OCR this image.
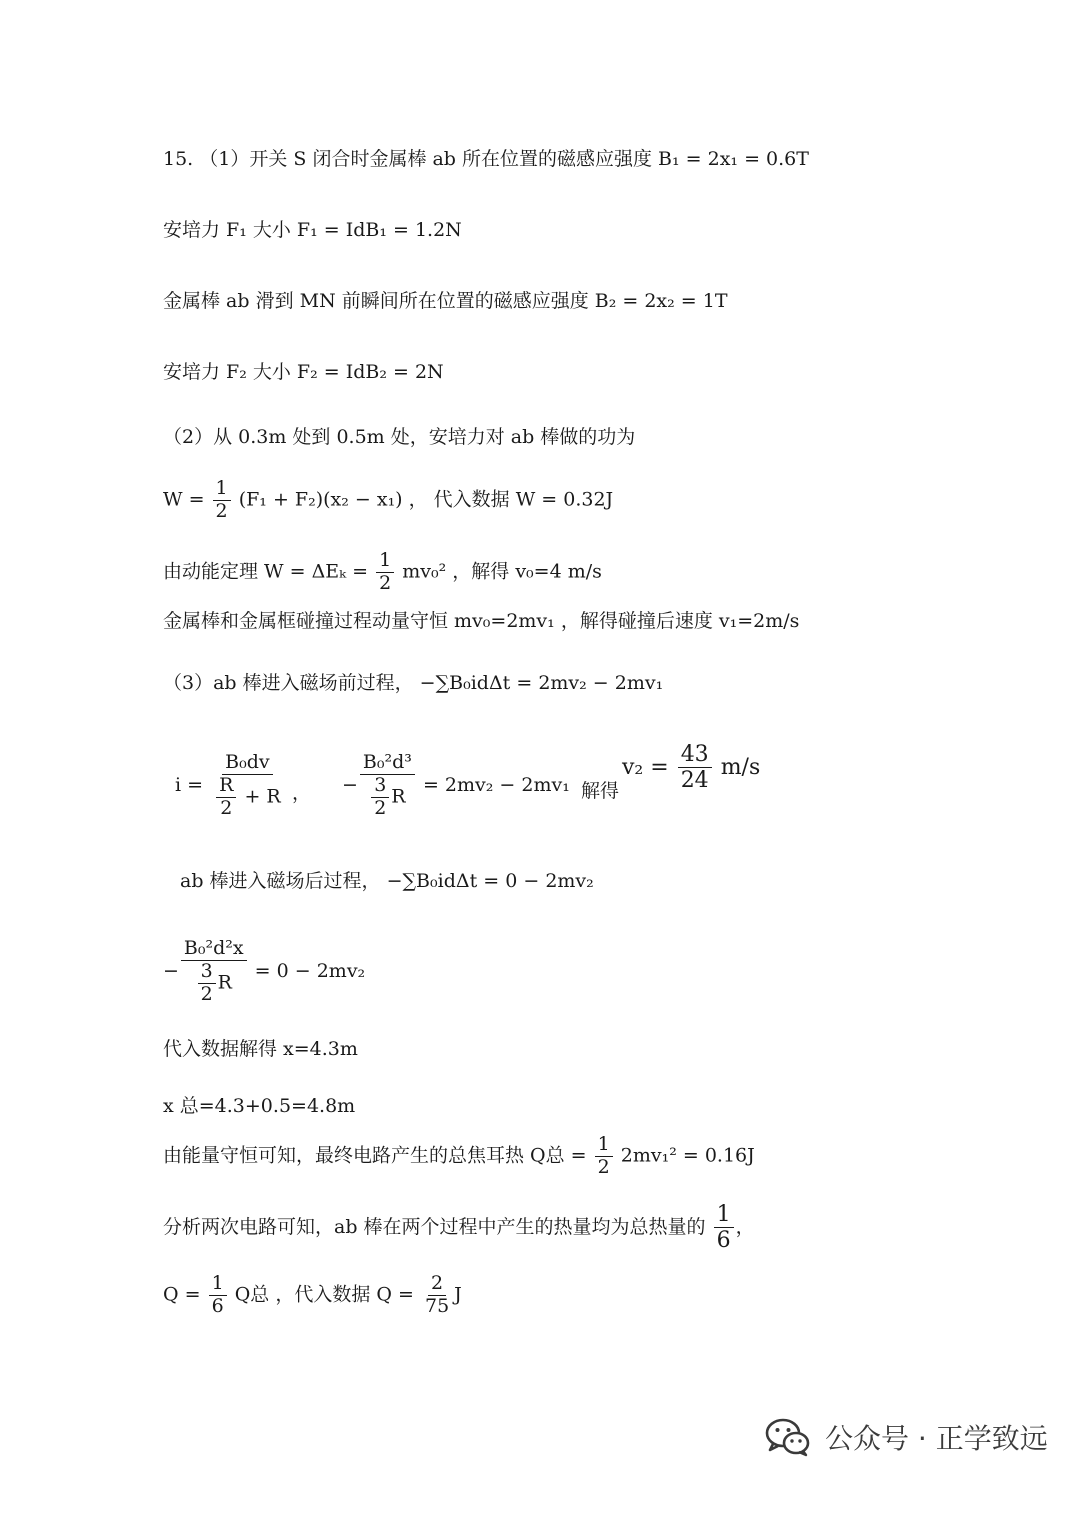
15. （1）开关 S 闭合时金属棒 ab 所在位置的磁感应强度 B₁ = 2x₁ = 0.6T
安培力 F₁ 大小 F₁ = IdB₁ = 1.2N
金属棒 ab 滑到 MN 前瞬间所在位置的磁感应强度 B₂ = 2x₂ = 1T
安培力 F₂ 大小 F₂ = IdB₂ = 2N
（2）从 0.3m 处到 0.5m 处，安培力对 ab 棒做的功为
$W = \frac{1}{2} (F_1 + F_2)(x_2 - x_1)$ ， 代入数据 W = 0.32J
由动能定理 $W = \Delta E_k = \frac{1}{2} mv_0^2$ ，解得 v₀=4 m/s
金属棒和金属框碰撞过程动量守恒 mv₀=2mv₁ ，解得碰撞后速度 v₁=2m/s
（3）ab 棒进入磁场前过程， −∑B₀idΔt = 2mv₂ − 2mv₁
$i = \frac{\text{B₀dv}}{\frac{R}{2} + R}$ ， − $\frac{\text{B₀²d³}}{\frac{3}{2} R} = 2mv_2 - 2mv_1$ 解得
$v_2 = \frac{43}{24} m/s$
ab 棒进入磁场后过程， −∑B₀idΔt = 0 − 2mv₂
− $\frac{\text{B₀²d²x}}{\frac{3}{2} R} = 0 - 2mv_2$
代入数据解得 x=4.3m
x 总=4.3+0.5=4.8m
由能量守恒可知，最终电路产生的总焦耳热 Q总 = $\frac{1}{2} 2mv_1^2 = 0.16J$
分析两次电路可知，ab 棒在两个过程中产生的热量均为总热量的 $\frac{1}{6}$ ，
$Q = \frac{1}{6}$ Q总 ，代入数据 $Q = \frac{2}{75}$ J
公众号 · 正学致远
